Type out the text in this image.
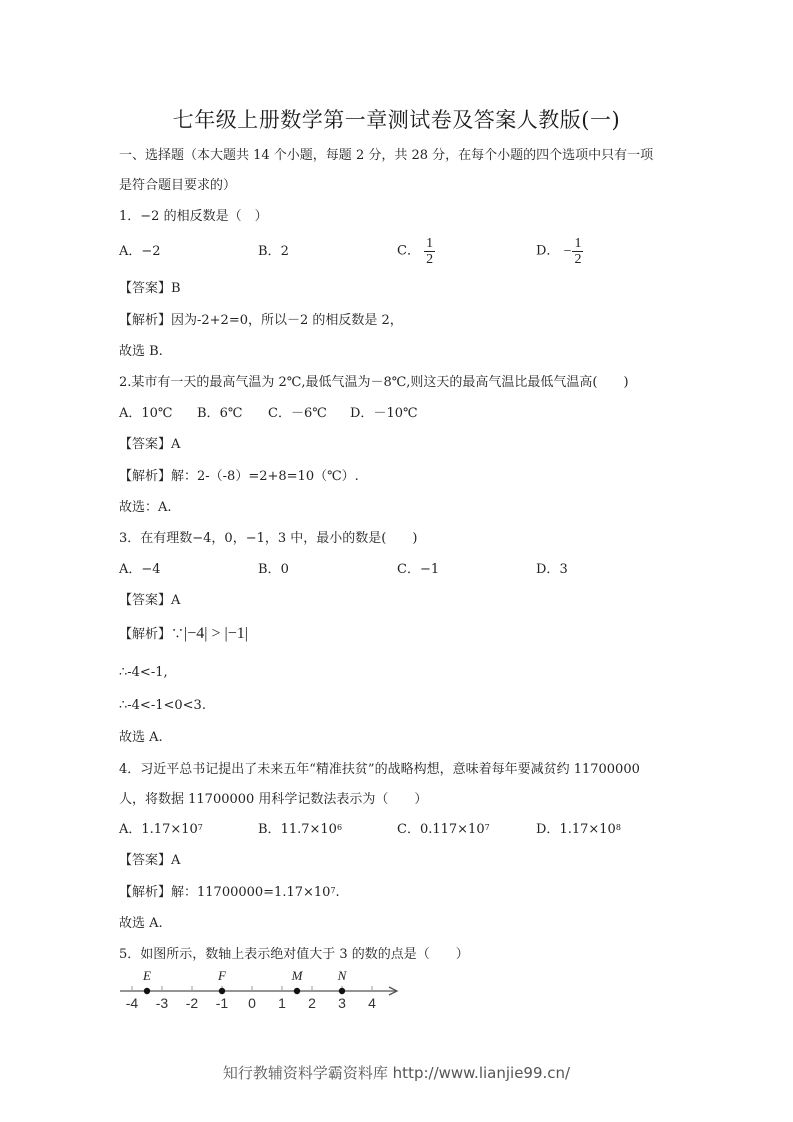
七年级上册数学第一章测试卷及答案人教版(一)
一、选择题（本大题共 14 个小题，每题 2 分，共 28 分，在每个小题的四个选项中只有一项
是符合题目要求的）
1．−2 的相反数是（　）
A．−2	B．2	C． $\frac{1}{2}$	D． − $\frac{1}{2}$
【答案】B
【解析】因为-2+2=0，所以－2 的相反数是 2，
故选 B.
2.某市有一天的最高气温为 2℃,最低气温为－8℃,则这天的最高气温比最低气温高(　　)
A．10℃ B．6℃ C．－6℃ D．－10℃
【答案】A
【解析】解：2-（-8）=2+8=10（℃）.
故选：A.
3．在有理数−4，0，−1，3 中，最小的数是(　　)
A．−4	B．0	C．−1	D．3
【答案】A
【解析】∵|−4| > |−1|
∴-4<-1,
∴-4<-1<0<3.
故选 A.
4．习近平总书记提出了未来五年“精准扶贫”的战略构想，意味着每年要减贫约 11700000
人，将数据 11700000 用科学记数法表示为（　　）
A．$1.17\times 10^7$	B．$11.7\times 10^6$	C．$0.117\times 10^7$	D．$1.17\times 10^8$
【答案】A
【解析】解：$11700000=1.17\times 10^7$.
故选 A.
5．如图所示，数轴上表示绝对值大于 3 的数的点是（　　）
-4 -3 -2 -1 0 1 2 3 4
E	F	M	N
知行教辅资料学霸资料库 http://www.lianjie99.cn/
